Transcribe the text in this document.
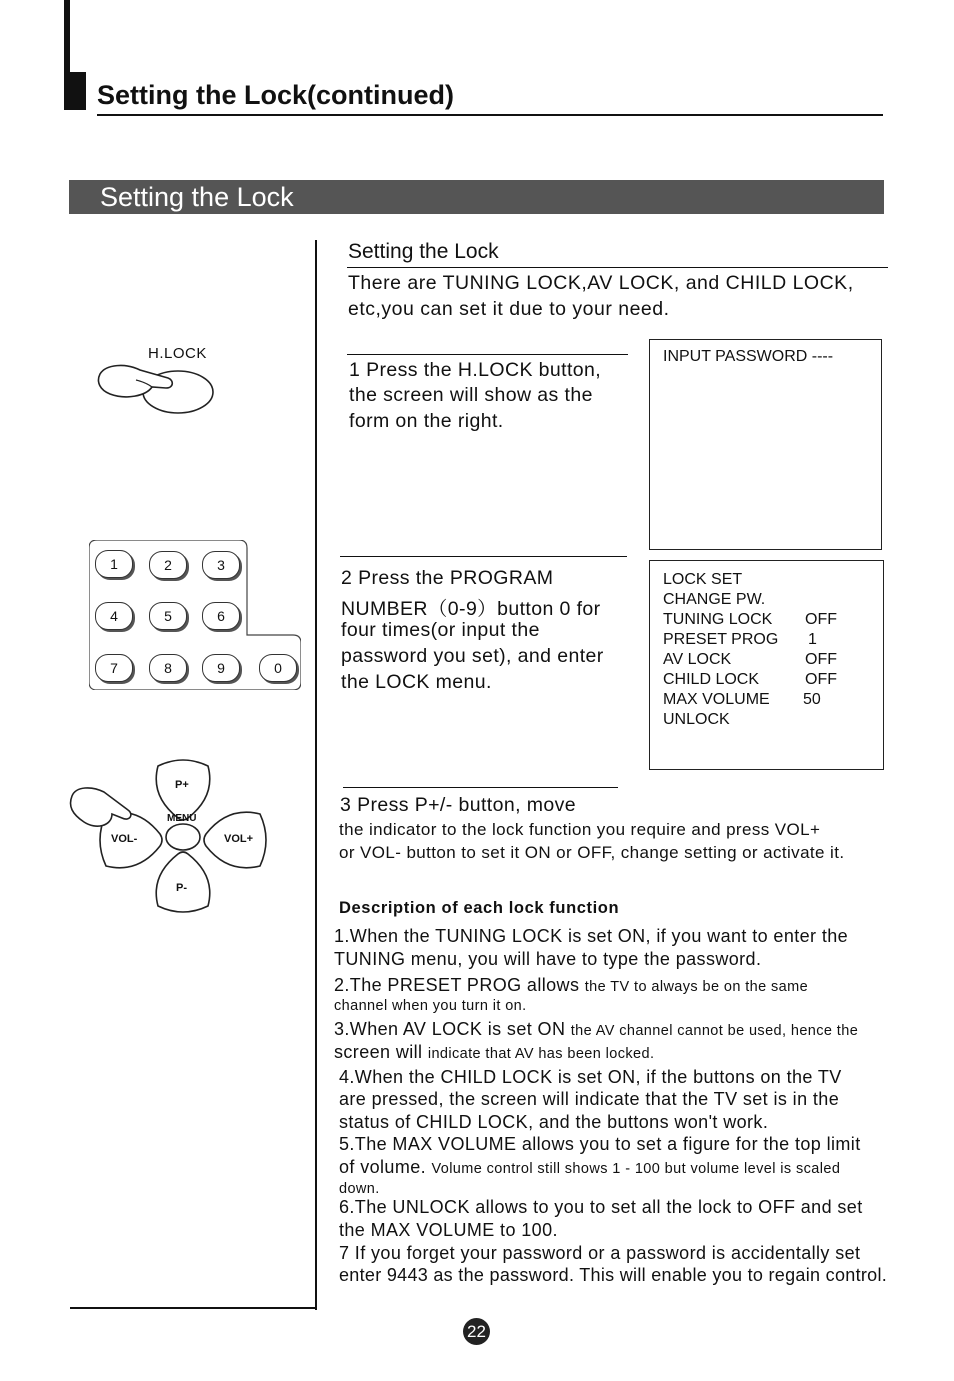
Setting the Lock(continued)
Setting the Lock
Setting the Lock
There are TUNING LOCK,AV LOCK, and CHILD LOCK,
etc,you can set it due to your need.
H.LOCK
1 Press the H.LOCK button,
the screen will show as the
form on the right.
INPUT PASSWORD ----
1	2	3
4	5	6
7	8	9	0
2 Press the PROGRAM
NUMBER（0-9）button 0 for
four times(or input the
password you set), and enter
the LOCK menu.
LOCK SET
CHANGE PW.
TUNING LOCK OFF
PRESET PROG 1
AV LOCK	OFF
CHILD LOCK	OFF
MAX VOLUME 50
UNLOCK
P+
MENU
VOL-	VOL+
P-
3 Press P+/- button, move
the indicator to the lock function you require and press VOL+
or VOL- button to set it ON or OFF, change setting or activate it.
Description of each lock function
1.When the TUNING LOCK is set ON, if you want to enter the
TUNING menu, you will have to type the password.
2.The PRESET PROG allows the TV to always be on the same
channel when you turn it on.
3.When AV LOCK is set ON the AV channel cannot be used, hence the
screen will indicate that AV has been locked.
4.When the CHILD LOCK is set ON, if the buttons on the TV
are pressed, the screen will indicate that the TV set is in the
status of CHILD LOCK, and the buttons won't work.
5.The MAX VOLUME allows you to set a figure for the top limit
of volume. Volume control still shows 1 - 100 but volume level is scaled
down.
6.The UNLOCK allows to you to set all the lock to OFF and set
the MAX VOLUME to 100.
7 If you forget your password or a password is accidentally set
enter 9443 as the password. This will enable you to regain control.
22
